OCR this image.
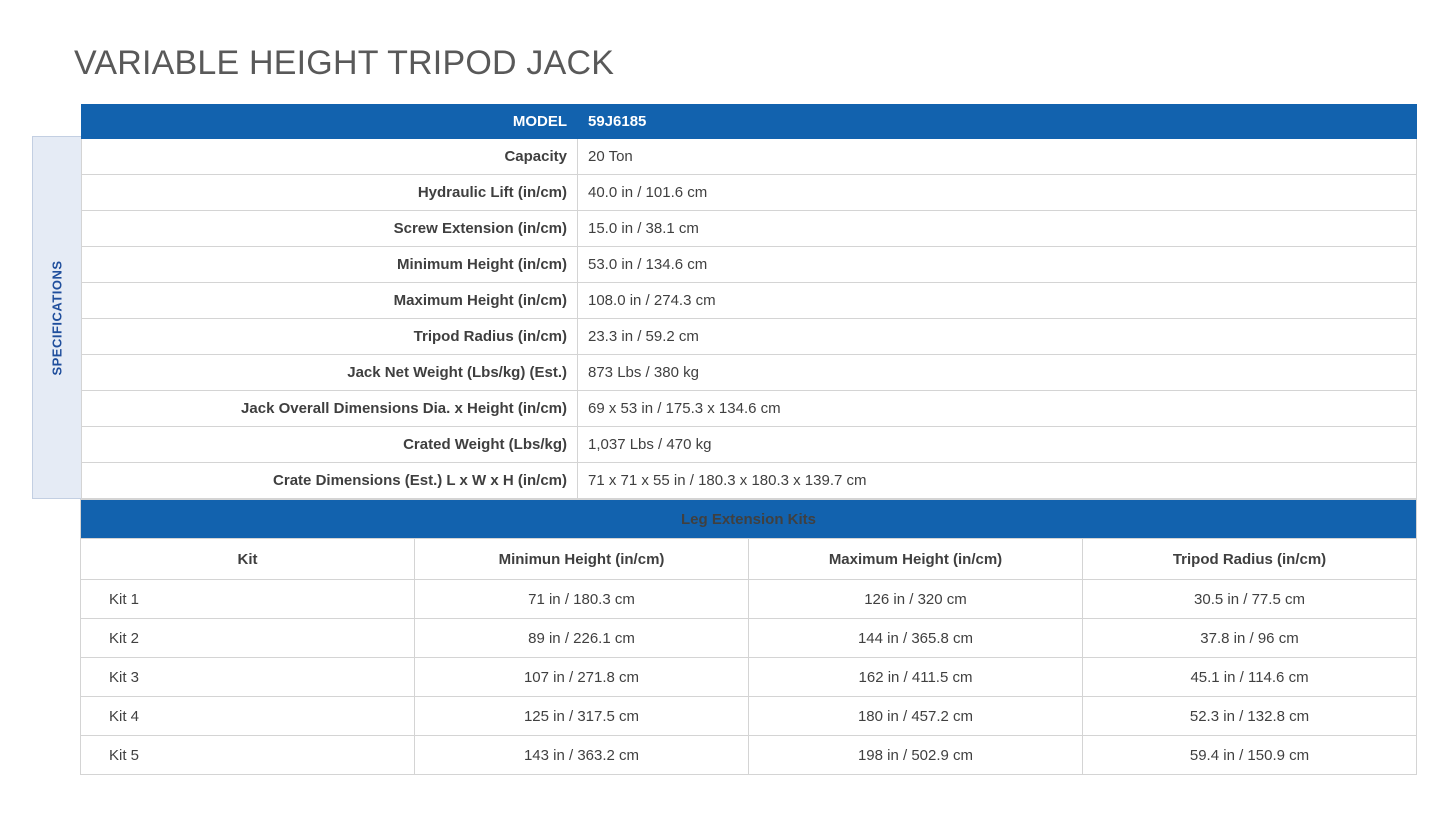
VARIABLE HEIGHT TRIPOD JACK
SPECIFICATIONS
MODEL	59J6185
Capacity	20 Ton
Hydraulic Lift (in/cm)	40.0 in / 101.6 cm
Screw Extension (in/cm)	15.0 in / 38.1 cm
Minimum Height (in/cm)	53.0 in / 134.6 cm
Maximum Height (in/cm)	108.0 in / 274.3 cm
Tripod Radius (in/cm)	23.3 in / 59.2 cm
Jack Net Weight (Lbs/kg) (Est.)	873 Lbs / 380 kg
Jack Overall Dimensions Dia. x Height (in/cm)	69 x 53 in / 175.3 x 134.6 cm
Crated Weight (Lbs/kg)	1,037 Lbs / 470 kg
Crate Dimensions (Est.) L x W x H (in/cm)	71 x 71 x 55 in / 180.3 x 180.3 x 139.7 cm
Leg Extension Kits			
Kit	Minimun Height (in/cm)	Maximum Height (in/cm)	Tripod Radius (in/cm)
Kit 1	71 in / 180.3 cm	126 in / 320 cm	30.5 in / 77.5 cm
Kit 2	89 in / 226.1 cm	144 in / 365.8 cm	37.8 in / 96 cm
Kit 3	107 in / 271.8 cm	162 in / 411.5 cm	45.1 in / 114.6 cm
Kit 4	125 in / 317.5 cm	180 in / 457.2 cm	52.3 in / 132.8 cm
Kit 5	143 in / 363.2 cm	198 in / 502.9 cm	59.4 in / 150.9 cm
